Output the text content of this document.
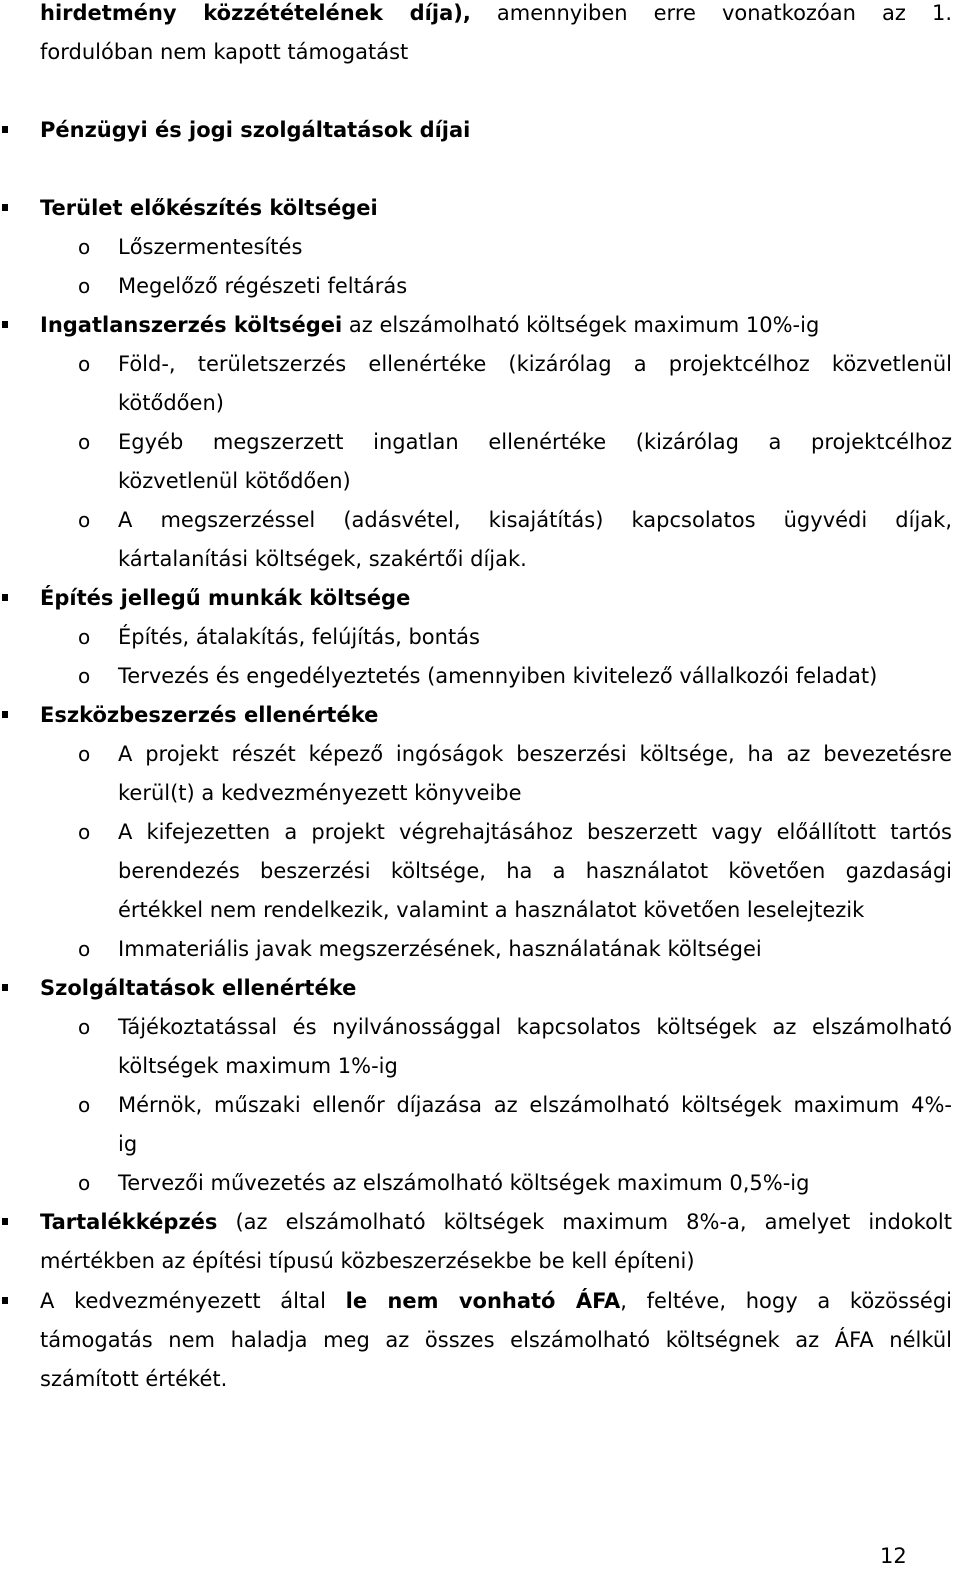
hirdetmény közzétételének díja), amennyiben erre vonatkozóan az 1.
fordulóban nem kapott támogatást
Pénzügyi és jogi szolgáltatások díjai
Terület előkészítés költségei
o	Lőszermentesítés
o	Megelőző régészeti feltárás
Ingatlanszerzés költségei az elszámolható költségek maximum 10%-ig
o	Föld-, területszerzés ellenértéke (kizárólag a projektcélhoz közvetlenül
kötődően)
o	Egyéb megszerzett ingatlan ellenértéke (kizárólag a projektcélhoz
közvetlenül kötődően)
o	A megszerzéssel (adásvétel, kisajátítás) kapcsolatos ügyvédi díjak,
kártalanítási költségek, szakértői díjak.
Építés jellegű munkák költsége
o	Építés, átalakítás, felújítás, bontás
o	Tervezés és engedélyeztetés (amennyiben kivitelező vállalkozói feladat)
Eszközbeszerzés ellenértéke
o	A projekt részét képező ingóságok beszerzési költsége, ha az bevezetésre
kerül(t) a kedvezményezett könyveibe
o	A kifejezetten a projekt végrehajtásához beszerzett vagy előállított tartós
berendezés beszerzési költsége, ha a használatot követően gazdasági
értékkel nem rendelkezik, valamint a használatot követően leselejtezik
o	Immateriális javak megszerzésének, használatának költségei
Szolgáltatások ellenértéke
o	Tájékoztatással és nyilvánossággal kapcsolatos költségek az elszámolható
költségek maximum 1%-ig
o	Mérnök, műszaki ellenőr díjazása az elszámolható költségek maximum 4%-
ig
o	Tervezői művezetés az elszámolható költségek maximum 0,5%-ig
Tartalékképzés (az elszámolható költségek maximum 8%-a, amelyet indokolt
mértékben az építési típusú közbeszerzésekbe be kell építeni)
A kedvezményezett által le nem vonható ÁFA, feltéve, hogy a közösségi
támogatás nem haladja meg az összes elszámolható költségnek az ÁFA nélkül
számított értékét.
12
